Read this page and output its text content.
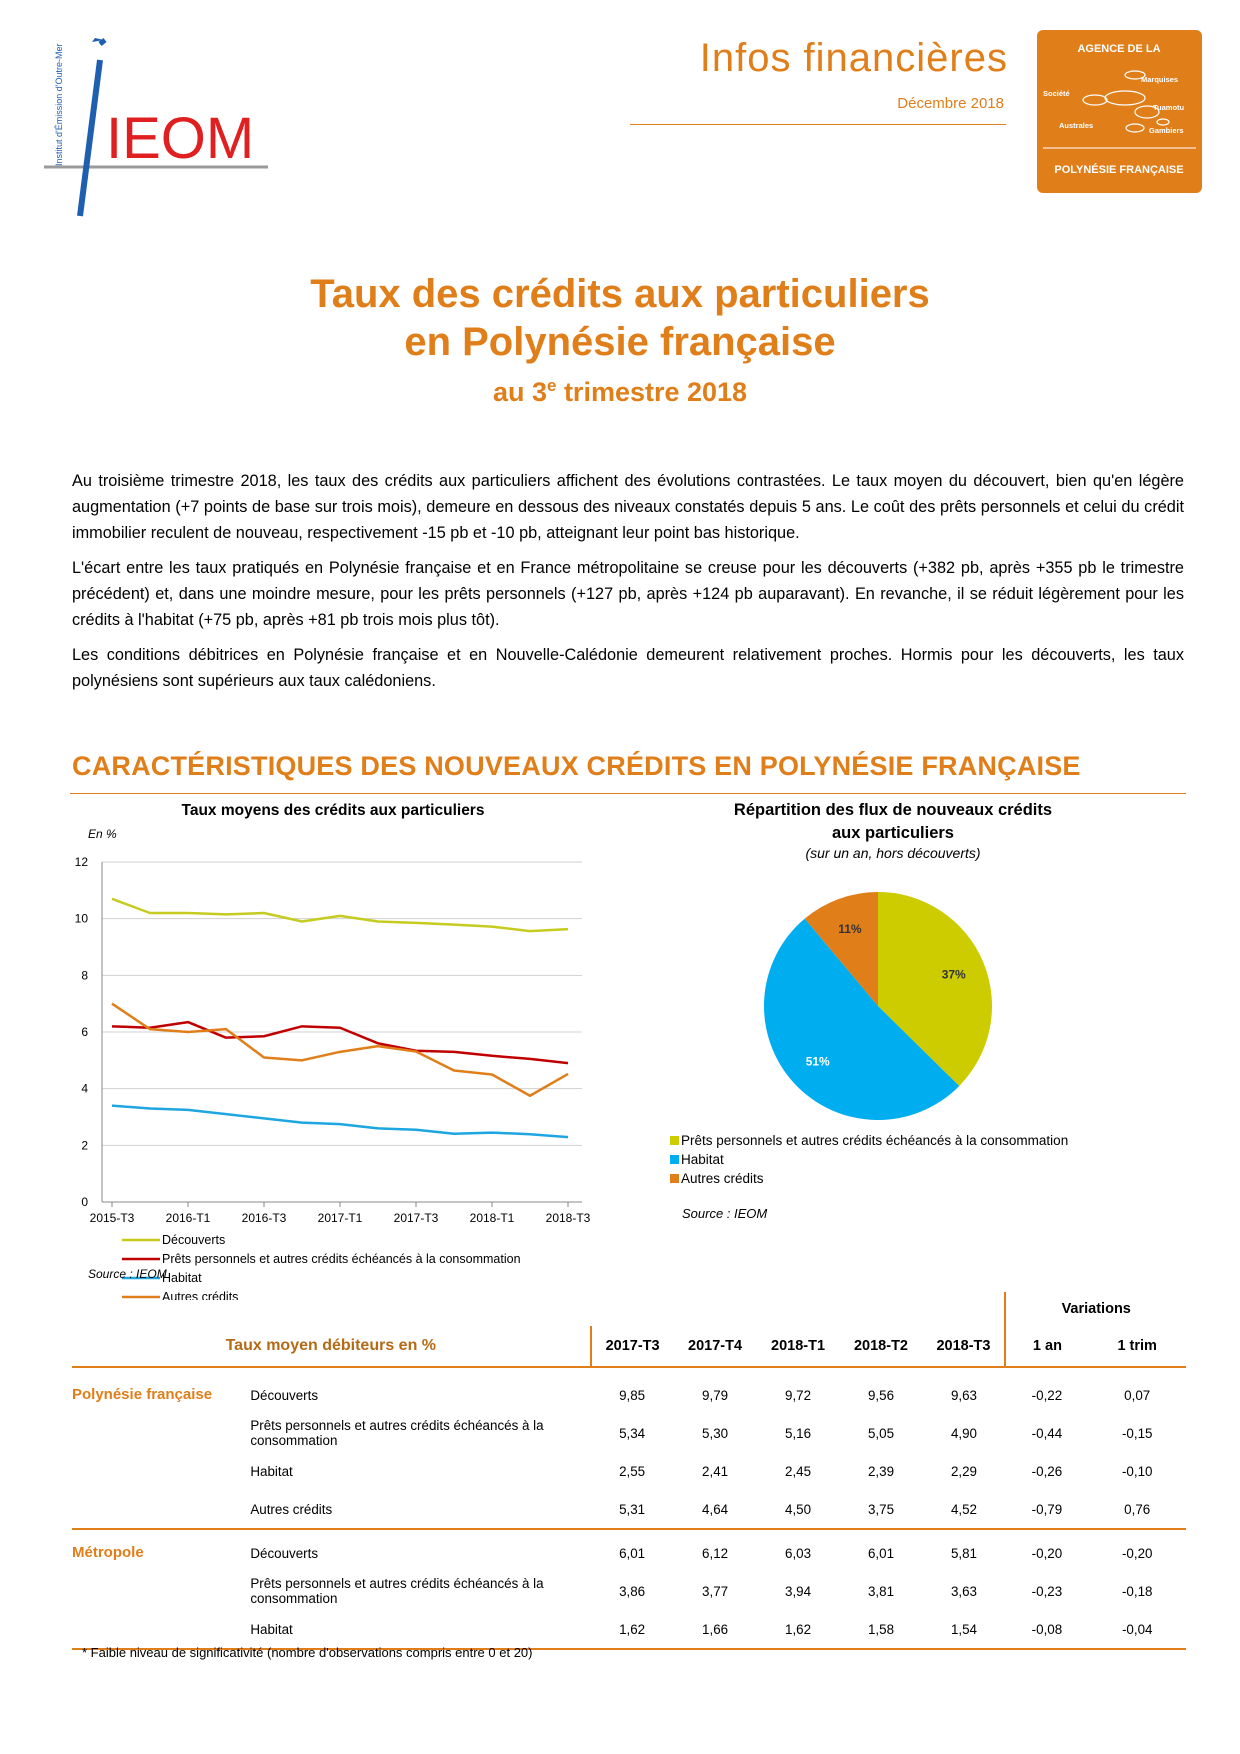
IEOM
Institut d'Émission d'Outre-Mer	Infos financières
Décembre 2018
AGENCE DE LA
Marquises
Société
Tuamotu
Australes
Gambiers
POLYNÉSIE FRANÇAISE
Taux des crédits aux particuliers
en Polynésie française
au 3e trimestre 2018

Au troisième trimestre 2018, les taux des crédits aux particuliers affichent des évolutions contrastées. Le taux moyen du découvert, bien qu'en légère augmentation (+7 points de base sur trois mois), demeure en dessous des niveaux constatés depuis 5 ans. Le coût des prêts personnels et celui du crédit immobilier reculent de nouveau, respectivement -15 pb et -10 pb, atteignant leur point bas historique.

L'écart entre les taux pratiqués en Polynésie française et en France métropolitaine se creuse pour les découverts (+382 pb, après +355 pb le trimestre précédent) et, dans une moindre mesure, pour les prêts personnels (+127 pb, après +124 pb auparavant). En revanche, il se réduit légèrement pour les crédits à l'habitat (+75 pb, après +81 pb trois mois plus tôt).

Les conditions débitrices en Polynésie française et en Nouvelle-Calédonie demeurent relativement proches. Hormis pour les découverts, les taux polynésiens sont supérieurs aux taux calédoniens.

CARACTÉRISTIQUES DES NOUVEAUX CRÉDITS EN POLYNÉSIE FRANÇAISE
Taux moyens des crédits aux particuliers
En %
0
2
4
6
8
10
12
2015-T3	2016-T1	2016-T3	2017-T1	2017-T3	2018-T1	2018-T3
Découverts
Prêts personnels et autres crédits échéancés à la consommation
Habitat
Autres crédits
Source : IEOM
Répartition des flux de nouveaux crédits
aux particuliers
(sur un an, hors découverts)
37%
51%
11%
Prêts personnels et autres crédits échéancés à la consommation
Habitat
Autres crédits
Source : IEOM
							Variations	
Taux moyen débiteurs en %		2017-T3	2017-T4	2018-T1	2018-T2	2018-T3	1 an	1 trim

Polynésie française	Découverts	9,85	9,79	9,72	9,56	9,63	-0,22	0,07
	Prêts personnels et autres crédits échéancés à la consommation	5,34	5,30	5,16	5,05	4,90	-0,44	-0,15
	Habitat	2,55	2,41	2,45	2,39	2,29	-0,26	-0,10
	Autres crédits	5,31	4,64	4,50	3,75	4,52	-0,79	0,76

Métropole	Découverts	6,01	6,12	6,03	6,01	5,81	-0,20	-0,20
	Prêts personnels et autres crédits échéancés à la consommation	3,86	3,77	3,94	3,81	3,63	-0,23	-0,18
	Habitat	1,62	1,66	1,62	1,58	1,54	-0,08	-0,04

* Faible niveau de significativité (nombre d'observations compris entre 0 et 20)
